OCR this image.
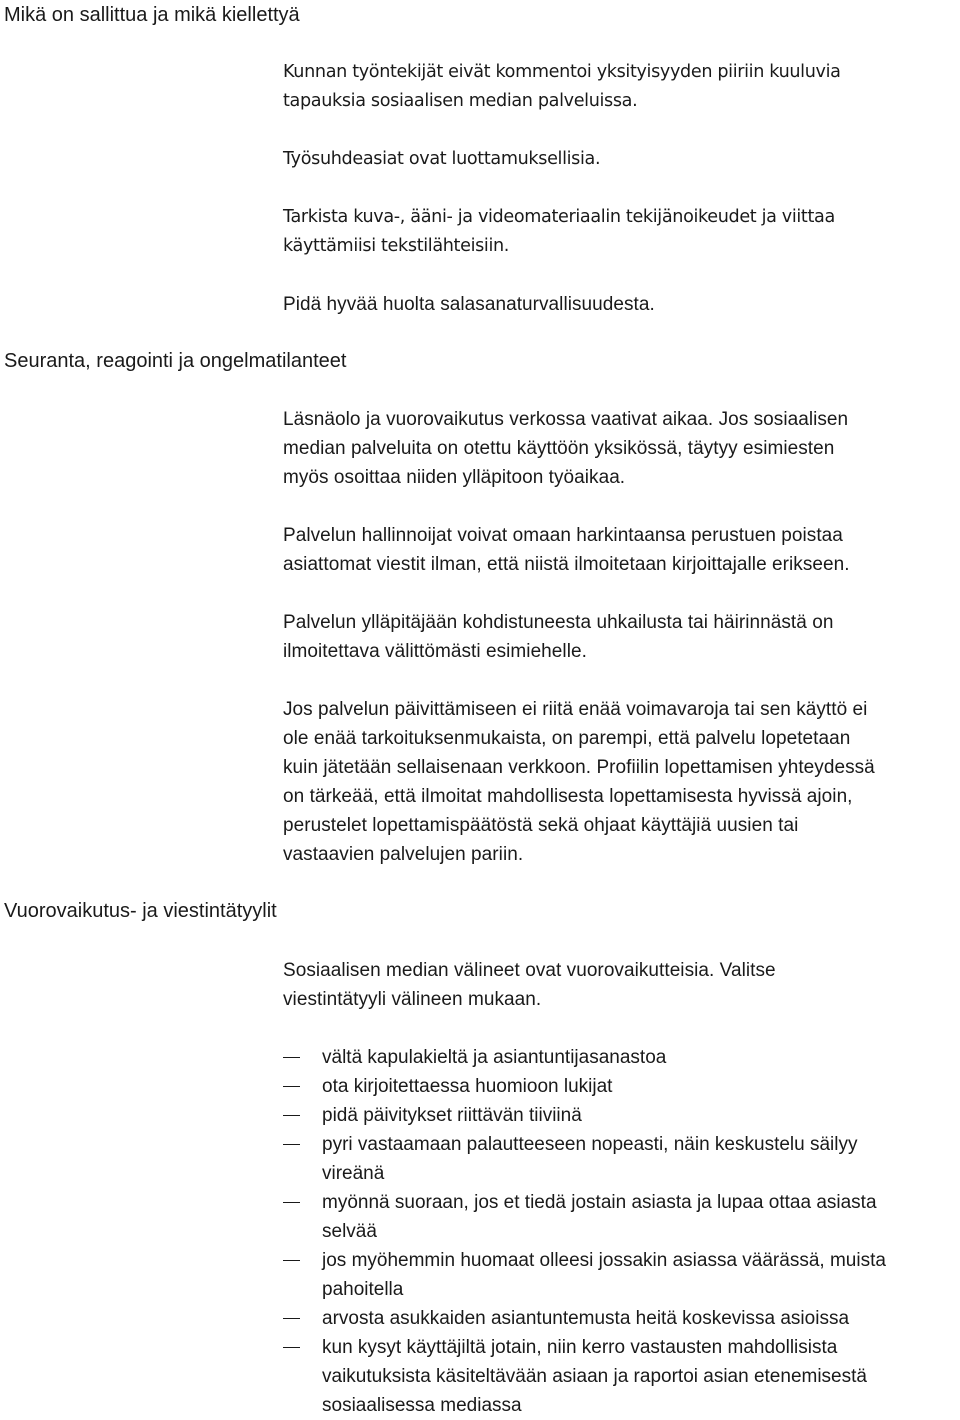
Mikä on sallittua ja mikä kiellettyä
Seuranta, reagointi ja ongelmatilanteet
Vuorovaikutus- ja viestintätyylit
Kunnan työntekijät eivät kommentoi yksityisyyden piiriin kuuluvia
tapauksia sosiaalisen median palveluissa.
Työsuhdeasiat ovat luottamuksellisia.
Tarkista kuva-, ääni- ja videomateriaalin tekijänoikeudet ja viittaa
käyttämiisi tekstilähteisiin.
Pidä hyvää huolta salasanaturvallisuudesta.
Läsnäolo ja vuorovaikutus verkossa vaativat aikaa. Jos sosiaalisen
median palveluita on otettu käyttöön yksikössä, täytyy esimiesten
myös osoittaa niiden ylläpitoon työaikaa.
Palvelun hallinnoijat voivat omaan harkintaansa perustuen poistaa
asiattomat viestit ilman, että niistä ilmoitetaan kirjoittajalle erikseen.
Palvelun ylläpitäjään kohdistuneesta uhkailusta tai häirinnästä on
ilmoitettava välittömästi esimiehelle.
Jos palvelun päivittämiseen ei riitä enää voimavaroja tai sen käyttö ei
ole enää tarkoituksenmukaista, on parempi, että palvelu lopetetaan
kuin jätetään sellaisenaan verkkoon. Profiilin lopettamisen yhteydessä
on tärkeää, että ilmoitat mahdollisesta lopettamisesta hyvissä ajoin,
perustelet lopettamispäätöstä sekä ohjaat käyttäjiä uusien tai
vastaavien palvelujen pariin.
Sosiaalisen median välineet ovat vuorovaikutteisia. Valitse
viestintätyyli välineen mukaan.
vältä kapulakieltä ja asiantuntijasanastoa
ota kirjoitettaessa huomioon lukijat
pidä päivitykset riittävän tiiviinä
pyri vastaamaan palautteeseen nopeasti, näin keskustelu säilyy
vireänä
myönnä suoraan, jos et tiedä jostain asiasta ja lupaa ottaa asiasta
selvää
jos myöhemmin huomaat olleesi jossakin asiassa väärässä, muista
pahoitella
arvosta asukkaiden asiantuntemusta heitä koskevissa asioissa
kun kysyt käyttäjiltä jotain, niin kerro vastausten mahdollisista
vaikutuksista käsiteltävään asiaan ja raportoi asian etenemisestä
sosiaalisessa mediassa
